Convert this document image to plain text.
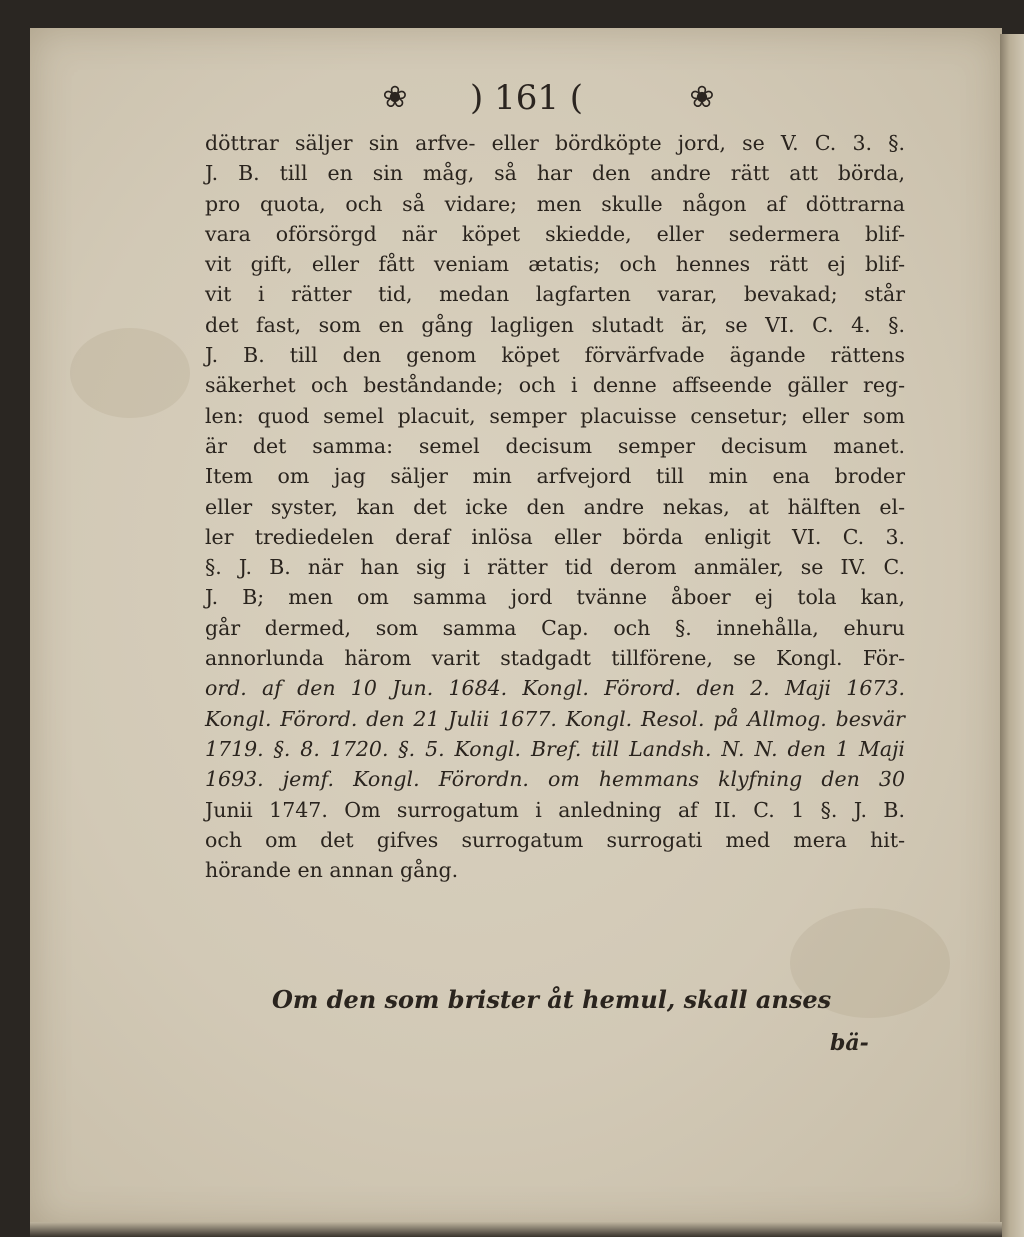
❀ ) 161 (	❀
döttrar säljer sin arfve‑ eller bördköpte jord, se V. C. 3. §.
J. B. till en sin måg, så har den andre rätt att börda,
pro quota, och så vidare; men skulle någon af döttrarna
vara oförsörgd när köpet skiedde, eller sedermera blif-
vit gift, eller fått veniam ætatis; och hennes rätt ej blif-
vit i rätter tid, medan lagfarten varar, bevakad; står
det fast, som en gång lagligen slutadt är, se VI. C. 4. §.
J. B. till den genom köpet förvärfvade ägande rättens
säkerhet och beståndande; och i denne affseende gäller reg-
len: quod semel placuit, semper placuisse censetur; eller som
är det samma: semel decisum semper decisum manet.
Item om jag säljer min arfvejord till min ena broder
eller syster, kan det icke den andre nekas, at hälften el-
ler trediedelen deraf inlösa eller börda enligit VI. C. 3.
§. J. B. när han sig i rätter tid derom anmäler, se IV. C.
J. B; men om samma jord tvänne åboer ej tola kan,
går dermed, som samma Cap. och §. innehålla, ehuru
annorlunda härom varit stadgadt tillförene, se Kongl. För-
ord. af den 10 Jun. 1684. Kongl. Förord. den 2. Maji 1673.
Kongl. Förord. den 21 Julii 1677. Kongl. Resol. på Allmog. besvär
1719. §. 8. 1720. §. 5. Kongl. Bref. till Landsh. N. N. den 1 Maji
1693. jemf. Kongl. Förordn. om hemmans klyfning den 30
Junii 1747. Om surrogatum i anledning af II. C. 1 §. J. B.
och om det gifves surrogatum surrogati med mera hit-
hörande en annan gång.
Om den som brister åt hemul, skall anses
bä-
